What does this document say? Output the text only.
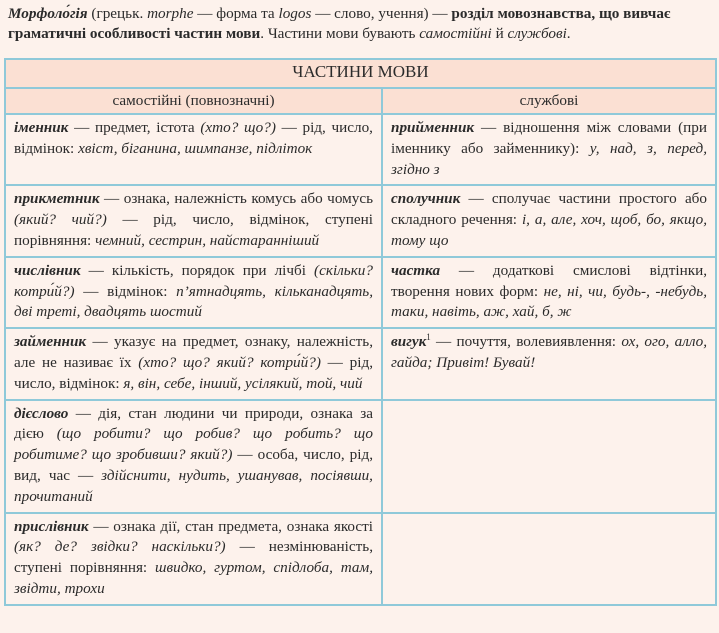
Морфоло́гія (грецьк. morphe — форма та logos — слово, учення) — розділ мовознавства, що вивчає граматичні особливості частин мови. Частини мови бувають самостійні й службові.
ЧАСТИНИ МОВИ	
самостійні (повнозначні)	службові
іменник — предмет, істота (хто? що?) — рід, число, відмінок: хвіст, біганина, шимпанзе, підліток	прийменник — відношення між словами (при іменнику або займеннику): у, над, з, перед, згідно з
прикметник — ознака, належність комусь або чомусь (який? чий?) — рід, число, відмінок, ступені порівняння: чемний, сестрин, найстаранніший	сполучник — сполучає частини простого або складного речення: і, а, але, хоч, щоб, бо, якщо, тому що
числівник — кількість, порядок при лічбі (скільки? котри́й?) — відмінок: п’ятнадцять, кільканадцять, дві треті, двадцять шостий	частка — додаткові смислові відтінки, творення нових форм: не, ні, чи, будь-, -небудь, таки, навіть, аж, хай, б, ж
займенник — указує на предмет, ознаку, належність, але не називає їх (хто? що? який? котри́й?) — рід, число, відмінок: я, він, себе, інший, усілякий, той, чий	вигук$^1$ — почуття, волевиявлення: ох, ого, алло, гайда; Привіт! Бувай!
дієслово — дія, стан людини чи природи, ознака за дією (що робити? що робив? що робить? що робитиме? що зробивши? який?) — особа, число, рід, вид, час — здійснити, нудить, ушанував, посіявши, прочитаний	
прислівник — ознака дії, стан предмета, ознака якості (як? де? звідки? наскільки?) — незмінюваність, ступені порівняння: швидко, гуртом, спідлоба, там, звідти, трохи	
